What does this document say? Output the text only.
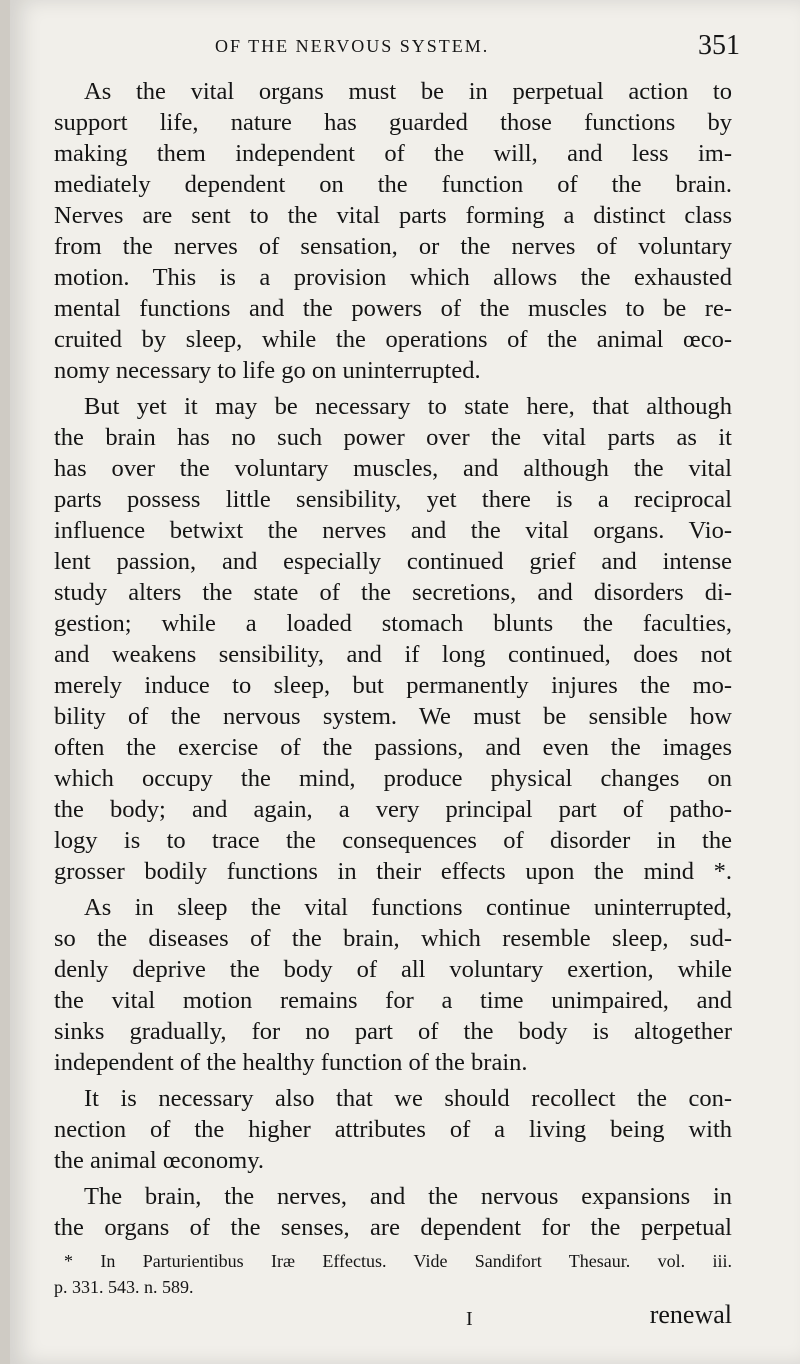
OF THE NERVOUS SYSTEM.	351
As the vital organs must be in perpetual action to
support life, nature has guarded those functions by
making them independent of the will, and less im-
mediately dependent on the function of the brain.
Nerves are sent to the vital parts forming a distinct class
from the nerves of sensation, or the nerves of voluntary
motion. This is a provision which allows the exhausted
mental functions and the powers of the muscles to be re-
cruited by sleep, while the operations of the animal œco-
nomy necessary to life go on uninterrupted.
But yet it may be necessary to state here, that although
the brain has no such power over the vital parts as it
has over the voluntary muscles, and although the vital
parts possess little sensibility, yet there is a reciprocal
influence betwixt the nerves and the vital organs. Vio-
lent passion, and especially continued grief and intense
study alters the state of the secretions, and disorders di-
gestion; while a loaded stomach blunts the faculties,
and weakens sensibility, and if long continued, does not
merely induce to sleep, but permanently injures the mo-
bility of the nervous system. We must be sensible how
often the exercise of the passions, and even the images
which occupy the mind, produce physical changes on
the body; and again, a very principal part of patho-
logy is to trace the consequences of disorder in the
grosser bodily functions in their effects upon the mind *.
As in sleep the vital functions continue uninterrupted,
so the diseases of the brain, which resemble sleep, sud-
denly deprive the body of all voluntary exertion, while
the vital motion remains for a time unimpaired, and
sinks gradually, for no part of the body is altogether
independent of the healthy function of the brain.
It is necessary also that we should recollect the con-
nection of the higher attributes of a living being with
the animal œconomy.
The brain, the nerves, and the nervous expansions in
the organs of the senses, are dependent for the perpetual
* In Parturientibus Iræ Effectus. Vide Sandifort Thesaur. vol. iii.
p. 331. 543. n. 589.
I	renewal
